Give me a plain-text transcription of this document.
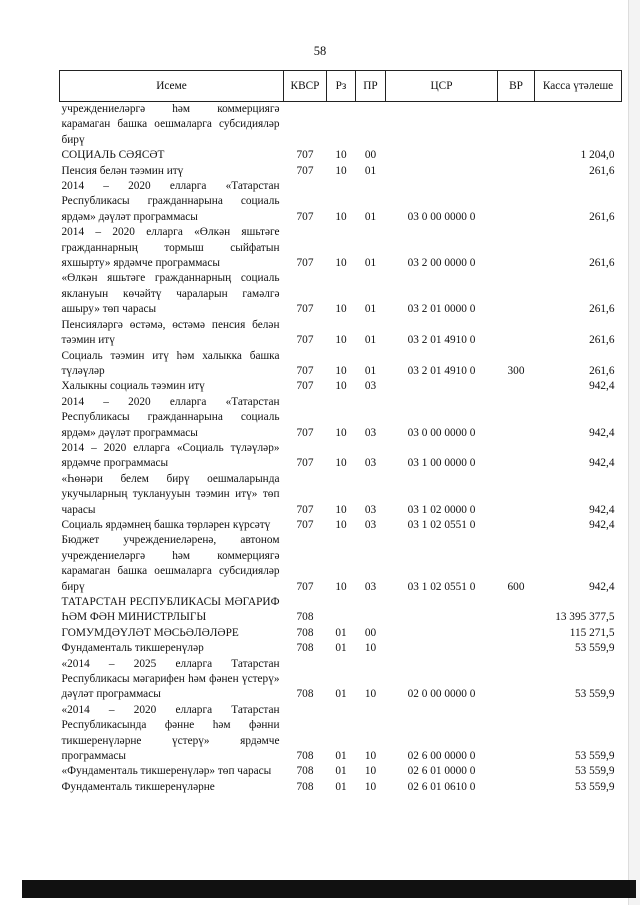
58
Исеме	КВСР	Рз	ПР	ЦСР	ВР	Касса үтәлеше
учреждениеләргә һәм коммерциягә карамаган башка оешмаларга субсидияләр бирү						
СОЦИАЛЬ СӘЯСӘТ	707	10	00			1 204,0
Пенсия белән тәэмин итү	707	10	01			261,6
2014 – 2020 елларга «Татарстан Республикасы гражданнарына социаль ярдәм» дәүләт программасы	707	10	01	03 0 00 0000 0		261,6
2014 – 2020 елларга «Өлкән яшьтәге гражданнарның тормыш сыйфатын яхшырту» ярдәмче программасы	707	10	01	03 2 00 0000 0		261,6
«Өлкән яшьтәге гражданнарның социаль яклануын көчәйтү чараларын гамәлгә ашыру» төп чарасы	707	10	01	03 2 01 0000 0		261,6
Пенсияләргә өстәмә, өстәмә пенсия белән тәэмин итү	707	10	01	03 2 01 4910 0		261,6
Социаль тәэмин итү һәм халыкка башка түләүләр	707	10	01	03 2 01 4910 0	300	261,6
Халыкны социаль тәэмин итү	707	10	03			942,4
2014 – 2020 елларга «Татарстан Республикасы гражданнарына социаль ярдәм» дәүләт программасы	707	10	03	03 0 00 0000 0		942,4
2014 – 2020 елларга «Социаль түләүләр» ярдәмче программасы	707	10	03	03 1 00 0000 0		942,4
«Һөнәри белем бирү оешмаларында укучыларның тукланууын тәэмин итү» төп чарасы	707	10	03	03 1 02 0000 0		942,4
Социаль ярдәмнең башка төрләрен күрсәтү	707	10	03	03 1 02 0551 0		942,4
Бюджет учреждениеләренә, автоном учреждениеләргә һәм коммерциягә карамаган башка оешмаларга субсидияләр бирү	707	10	03	03 1 02 0551 0	600	942,4
ТАТАРСТАН РЕСПУБЛИКАСЫ МӘГАРИФ ҺӘМ ФӘН МИНИСТРЛЫГЫ	708					13 395 377,5
ГОМУМДӘҮЛӘТ МӘСЬӘЛӘЛӘРЕ	708	01	00			115 271,5
Фундаменталь тикшеренүләр	708	01	10			53 559,9
«2014 – 2025 елларга Татарстан Республикасы мәгарифен һәм фәнен үстерү» дәүләт программасы	708	01	10	02 0 00 0000 0		53 559,9
«2014 – 2020 елларга Татарстан Республикасында фәнне һәм фәнни тикшеренүләрне үстерү» ярдәмче программасы	708	01	10	02 6 00 0000 0		53 559,9
«Фундаменталь тикшеренүләр» төп чарасы	708	01	10	02 6 01 0000 0		53 559,9
Фундаменталь тикшеренүләрне	708	01	10	02 6 01 0610 0		53 559,9
